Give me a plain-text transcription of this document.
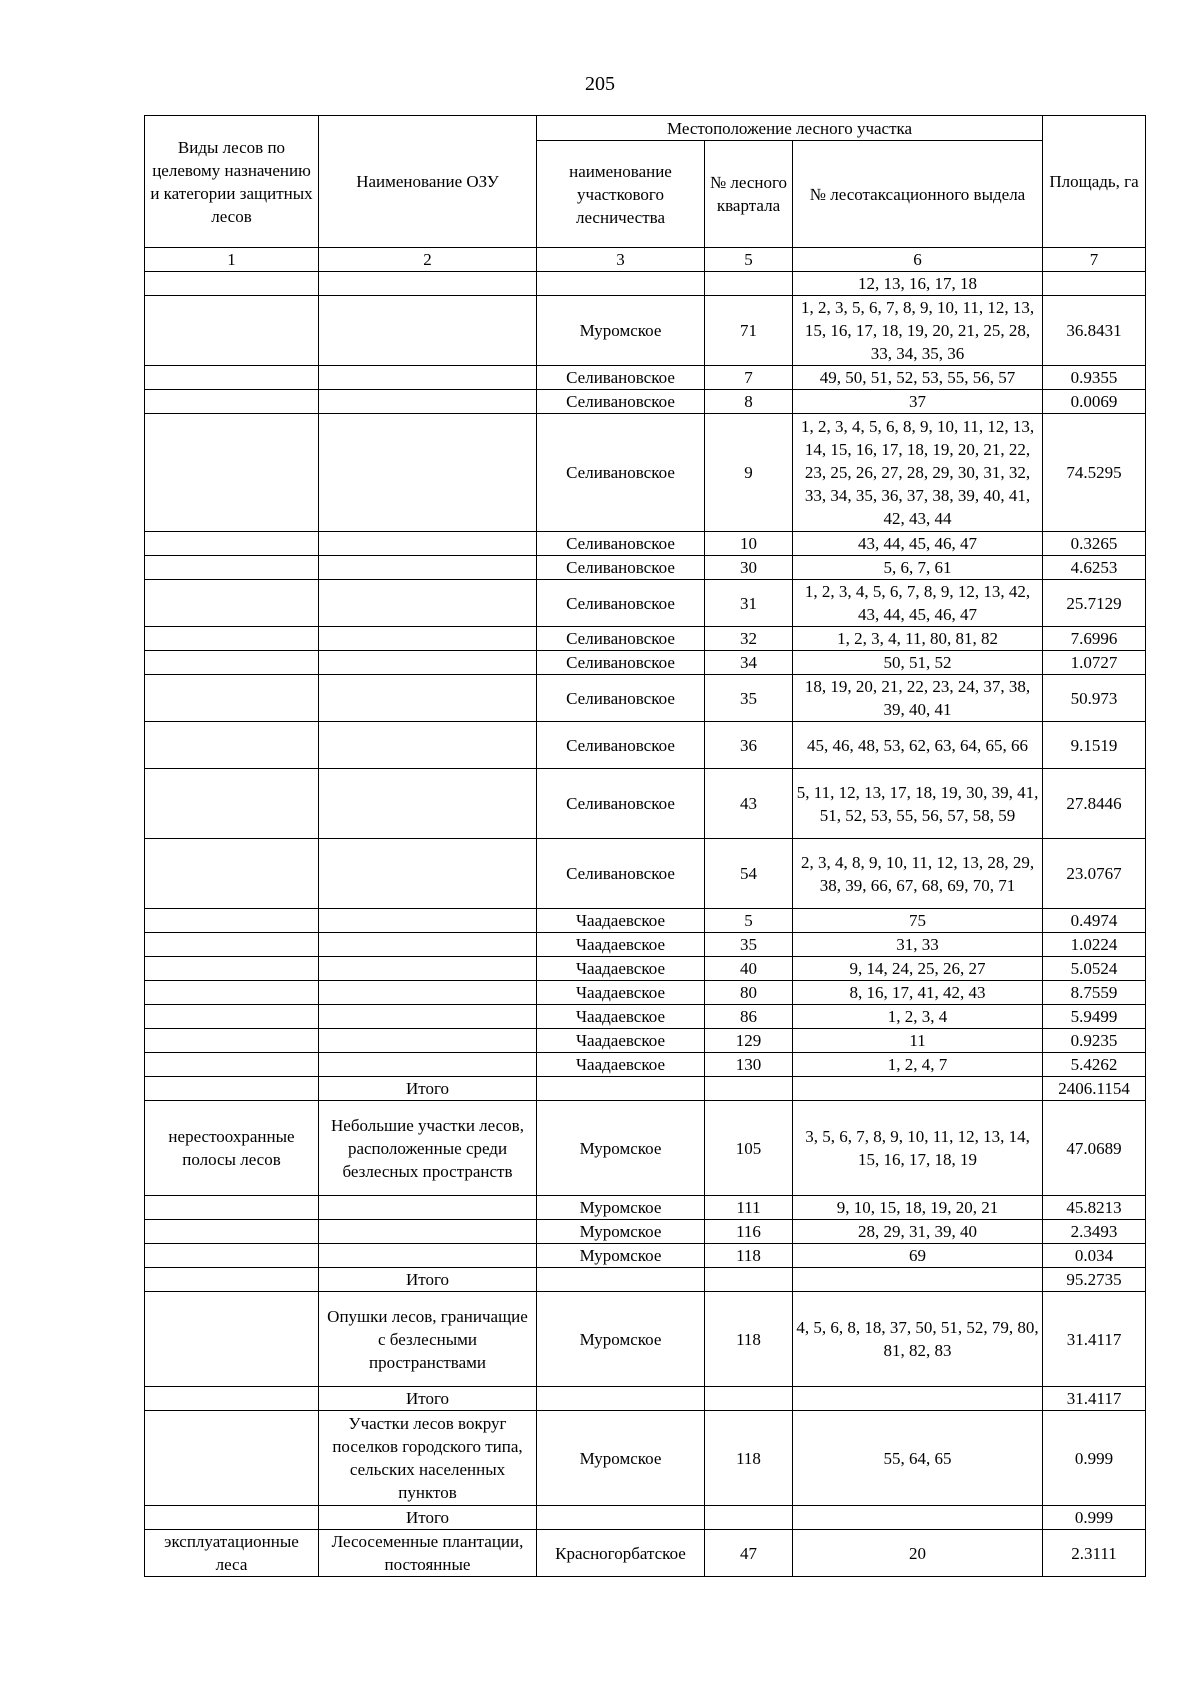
205
Виды лесов по целевому назначению и категории защитных лесов	Наименование ОЗУ	Местоположение лесного участка			Площадь, га
		наименование участкового лесничества	№ лесного квартала	№ лесотаксационного выдела	
1	2	3	5	6	7
				12, 13, 16, 17, 18	
		Муромское	71	1, 2, 3, 5, 6, 7, 8, 9, 10, 11, 12, 13, 15, 16, 17, 18, 19, 20, 21, 25, 28, 33, 34, 35, 36	36.8431
		Селивановское	7	49, 50, 51, 52, 53, 55, 56, 57	0.9355
		Селивановское	8	37	0.0069
		Селивановское	9	1, 2, 3, 4, 5, 6, 8, 9, 10, 11, 12, 13, 14, 15, 16, 17, 18, 19, 20, 21, 22, 23, 25, 26, 27, 28, 29, 30, 31, 32, 33, 34, 35, 36, 37, 38, 39, 40, 41, 42, 43, 44	74.5295
		Селивановское	10	43, 44, 45, 46, 47	0.3265
		Селивановское	30	5, 6, 7, 61	4.6253
		Селивановское	31	1, 2, 3, 4, 5, 6, 7, 8, 9, 12, 13, 42, 43, 44, 45, 46, 47	25.7129
		Селивановское	32	1, 2, 3, 4, 11, 80, 81, 82	7.6996
		Селивановское	34	50, 51, 52	1.0727
		Селивановское	35	18, 19, 20, 21, 22, 23, 24, 37, 38, 39, 40, 41	50.973
		Селивановское	36	45, 46, 48, 53, 62, 63, 64, 65, 66	9.1519
		Селивановское	43	5, 11, 12, 13, 17, 18, 19, 30, 39, 41, 51, 52, 53, 55, 56, 57, 58, 59	27.8446
		Селивановское	54	2, 3, 4, 8, 9, 10, 11, 12, 13, 28, 29, 38, 39, 66, 67, 68, 69, 70, 71	23.0767
		Чаадаевское	5	75	0.4974
		Чаадаевское	35	31, 33	1.0224
		Чаадаевское	40	9, 14, 24, 25, 26, 27	5.0524
		Чаадаевское	80	8, 16, 17, 41, 42, 43	8.7559
		Чаадаевское	86	1, 2, 3, 4	5.9499
		Чаадаевское	129	11	0.9235
		Чаадаевское	130	1, 2, 4, 7	5.4262
	Итого				2406.1154
нерестоохранные полосы лесов	Небольшие участки лесов, расположенные среди безлесных пространств	Муромское	105	3, 5, 6, 7, 8, 9, 10, 11, 12, 13, 14, 15, 16, 17, 18, 19	47.0689
		Муромское	111	9, 10, 15, 18, 19, 20, 21	45.8213
		Муромское	116	28, 29, 31, 39, 40	2.3493
		Муромское	118	69	0.034
	Итого				95.2735
	Опушки лесов, граничащие с безлесными пространствами	Муромское	118	4, 5, 6, 8, 18, 37, 50, 51, 52, 79, 80, 81, 82, 83	31.4117
	Итого				31.4117
	Участки лесов вокруг поселков городского типа, сельских населенных пунктов	Муромское	118	55, 64, 65	0.999
	Итого				0.999
эксплуатационные леса	Лесосеменные плантации, постоянные	Красногорбатское	47	20	2.3111
